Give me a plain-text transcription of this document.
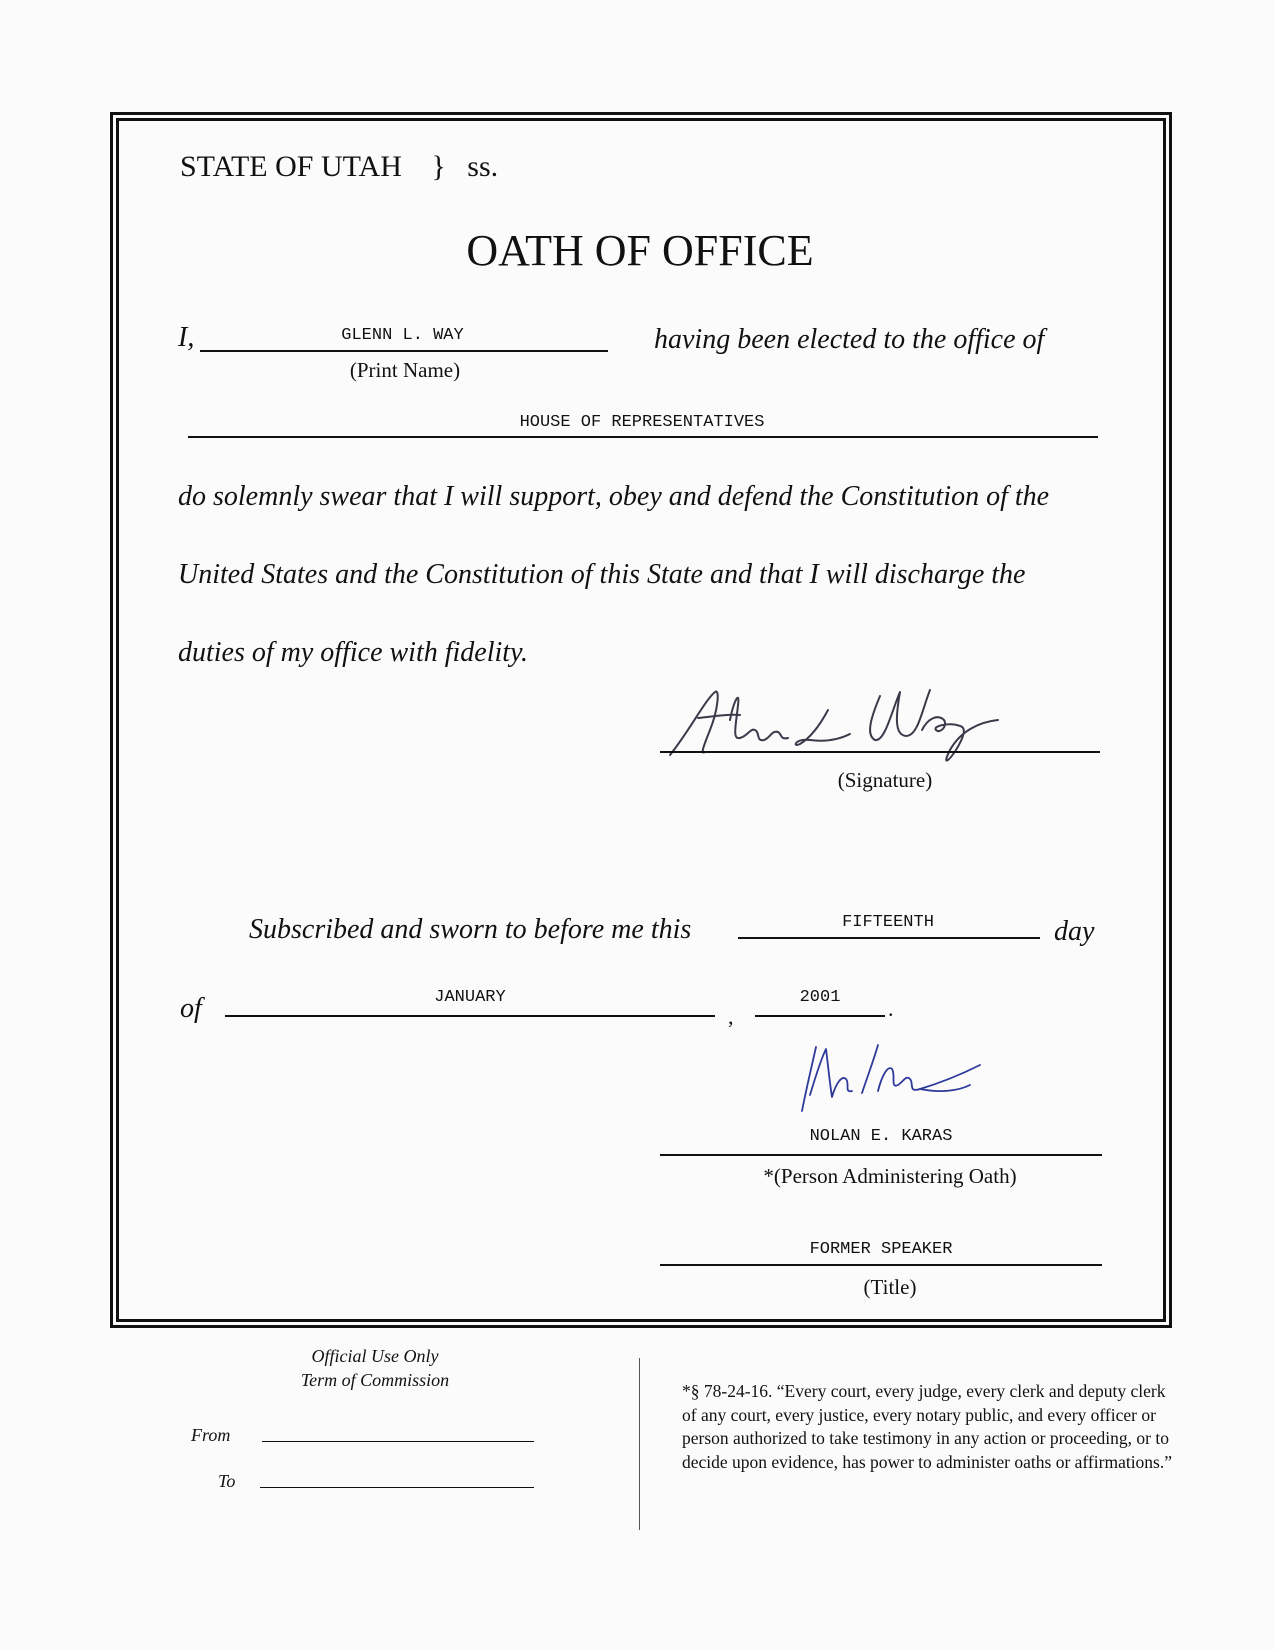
STATE OF UTAH } ss.
OATH OF OFFICE
I,	GLENN L. WAY
(Print Name)
having been elected to the office of
HOUSE OF REPRESENTATIVES
do solemnly swear that I will support, obey and defend the Constitution of the
United States and the Constitution of this State and that I will discharge the
duties of my office with fidelity.
(Signature)
Subscribed and sworn to before me this	FIFTEENTH	day
of	JANUARY
,
2001	.
NOLAN E. KARAS
*(Person Administering Oath)
FORMER SPEAKER
(Title)
Official Use Only
Term of Commission
From
To
*§ 78-24-16. “Every court, every judge, every clerk and deputy clerk of any court, every justice, every notary public, and every officer or person authorized to take testimony in any action or proceeding, or to decide upon evidence, has power to administer oaths or affirmations.”
